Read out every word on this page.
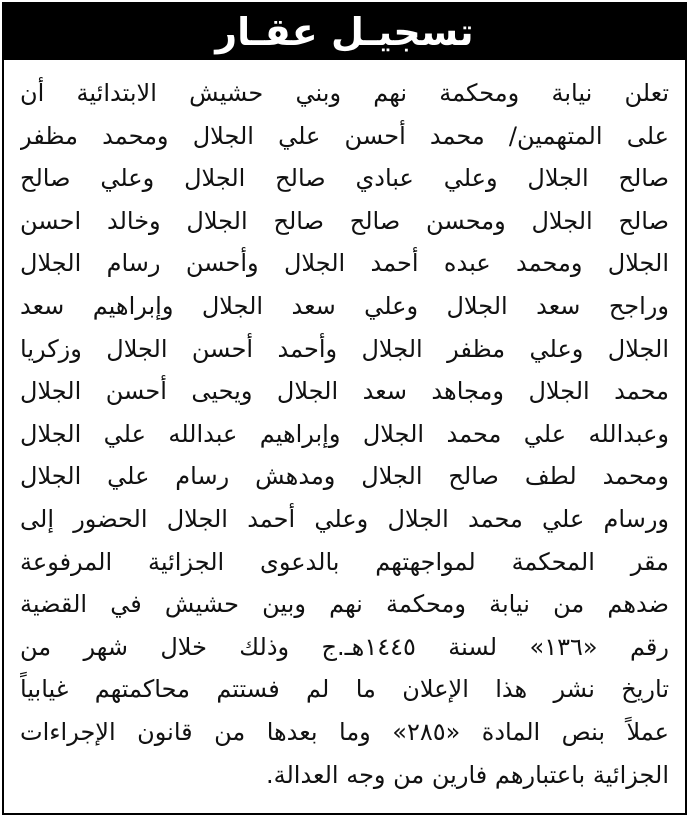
تسجيـل عقـار
تعلن نيابة ومحكمة نهم وبني حشيش الابتدائية أن
على المتهمين/ محمد أحسن علي الجلال ومحمد مظفر
صالح الجلال وعلي عبادي صالح الجلال وعلي صالح
صالح الجلال ومحسن صالح صالح الجلال وخالد احسن
الجلال ومحمد عبده أحمد الجلال وأحسن رسام الجلال
وراجح سعد الجلال وعلي سعد الجلال وإبراهيم سعد
الجلال وعلي مظفر الجلال وأحمد أحسن الجلال وزكريا
محمد الجلال ومجاهد سعد الجلال ويحيى أحسن الجلال
وعبدالله علي محمد الجلال وإبراهيم عبدالله علي الجلال
ومحمد لطف صالح الجلال ومدهش رسام علي الجلال
ورسام علي محمد الجلال وعلي أحمد الجلال الحضور إلى
مقر المحكمة لمواجهتهم بالدعوى الجزائية المرفوعة
ضدهم من نيابة ومحكمة نهم وبين حشيش في القضية
رقم «١٣٦» لسنة ١٤٤٥هـ.ج وذلك خلال شهر من
تاريخ نشر هذا الإعلان ما لم فستتم محاكمتهم غيابياً
عملاً بنص المادة «٢٨٥» وما بعدها من قانون الإجراءات
الجزائية باعتبارهم فارين من وجه العدالة.
